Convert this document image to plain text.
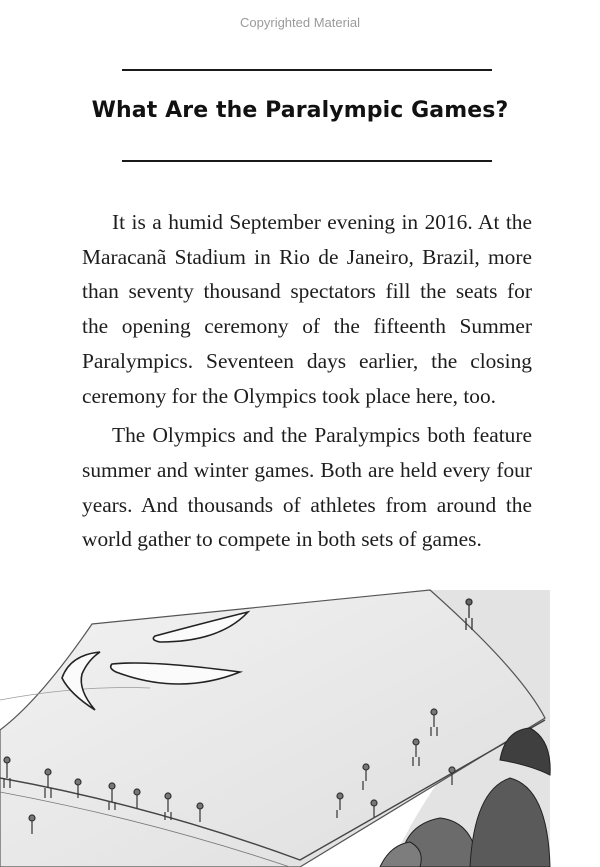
Copyrighted Material
What Are the Paralympic Games?

It is a humid September evening in 2016. At the Maracanã Stadium in Rio de Janeiro, Brazil, more than seventy thousand spectators fill the seats for the opening ceremony of the fifteenth Summer Paralympics. Seventeen days earlier, the closing ceremony for the Olympics took place here, too.

The Olympics and the Paralympics both feature summer and winter games. Both are held every four years. And thousands of athletes from around the world gather to compete in both sets of games.
